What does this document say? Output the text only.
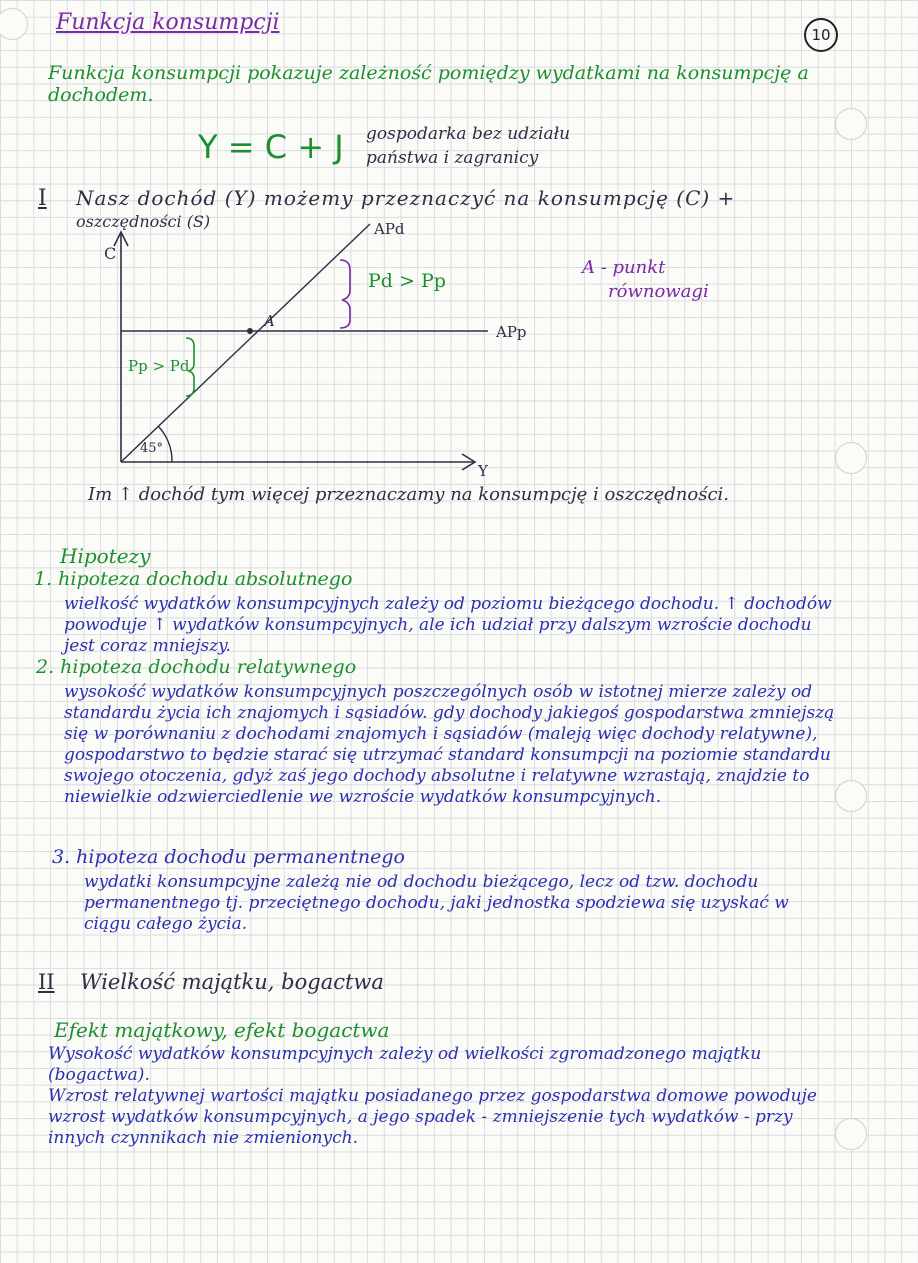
Funkcja konsumpcji	10
Funkcja konsumpcji pokazuje zależność pomiędzy wydatkami na konsumpcję a dochodem.
Y = C + J gospodarka bez udziału
państwa i zagranicy
I Nasz dochód (Y) możemy przeznaczyć na konsumpcję (C) +
oszczędności (S)
C
Y
APd
APp
A
Pd > Pp
Pp > Pd
45°
A - punkt
równowagi
Im ↑ dochód tym więcej przeznaczamy na konsumpcję i oszczędności.
Hipotezy
1. hipoteza dochodu absolutnego
wielkość wydatków konsumpcyjnych zależy od poziomu bieżącego dochodu. ↑ dochodów powoduje ↑ wydatków konsumpcyjnych, ale ich udział przy dalszym wzroście dochodu jest coraz mniejszy.
2. hipoteza dochodu relatywnego
wysokość wydatków konsumpcyjnych poszczególnych osób w istotnej mierze zależy od standardu życia ich znajomych i sąsiadów. gdy dochody jakiegoś gospodarstwa zmniejszą się w porównaniu z dochodami znajomych i sąsiadów (maleją więc dochody relatywne), gospodarstwo to będzie starać się utrzymać standard konsumpcji na poziomie standardu swojego otoczenia, gdyż zaś jego dochody absolutne i relatywne wzrastają, znajdzie to niewielkie odzwierciedlenie we wzroście wydatków konsumpcyjnych.
3. hipoteza dochodu permanentnego
wydatki konsumpcyjne zależą nie od dochodu bieżącego, lecz od tzw. dochodu permanentnego tj. przeciętnego dochodu, jaki jednostka spodziewa się uzyskać w ciągu całego życia.
II Wielkość majątku, bogactwa
Efekt majątkowy, efekt bogactwa
Wysokość wydatków konsumpcyjnych zależy od wielkości zgromadzonego majątku (bogactwa).
Wzrost relatywnej wartości majątku posiadanego przez gospodarstwa domowe powoduje wzrost wydatków konsumpcyjnych, a jego spadek - zmniejszenie tych wydatków - przy innych czynnikach nie zmienionych.
